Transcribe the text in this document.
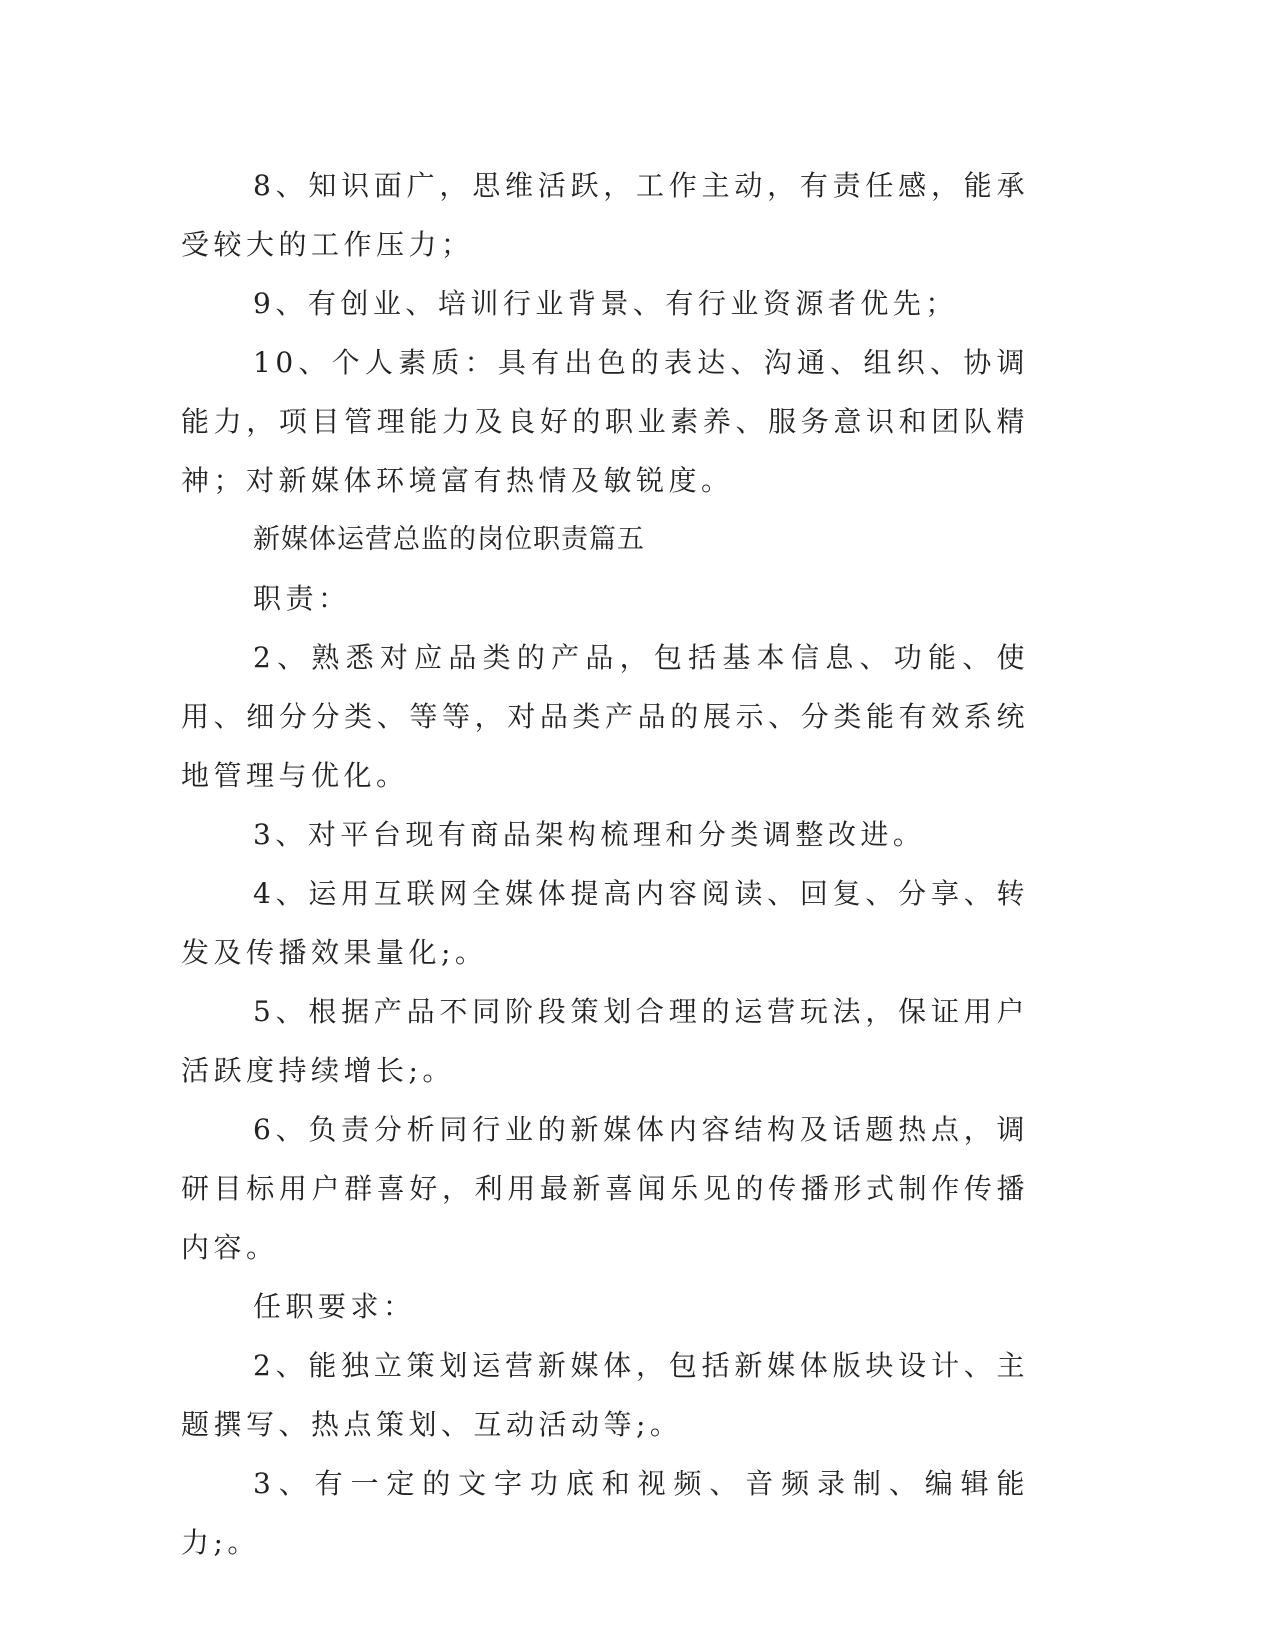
8、知识面广，思维活跃，工作主动，有责任感，能承受较大的工作压力；

9、有创业、培训行业背景、有行业资源者优先；

10、个人素质：具有出色的表达、沟通、组织、协调能力，项目管理能力及良好的职业素养、服务意识和团队精神；对新媒体环境富有热情及敏锐度。

新媒体运营总监的岗位职责篇五

职责：

2、熟悉对应品类的产品，包括基本信息、功能、使用、细分分类、等等，对品类产品的展示、分类能有效系统地管理与优化。

3、对平台现有商品架构梳理和分类调整改进。

4、运用互联网全媒体提高内容阅读、回复、分享、转发及传播效果量化;。

5、根据产品不同阶段策划合理的运营玩法，保证用户活跃度持续增长;。

6、负责分析同行业的新媒体内容结构及话题热点，调研目标用户群喜好，利用最新喜闻乐见的传播形式制作传播内容。

任职要求：

2、能独立策划运营新媒体，包括新媒体版块设计、主题撰写、热点策划、互动活动等;。

3、有一定的文字功底和视频、音频录制、编辑能力;。
